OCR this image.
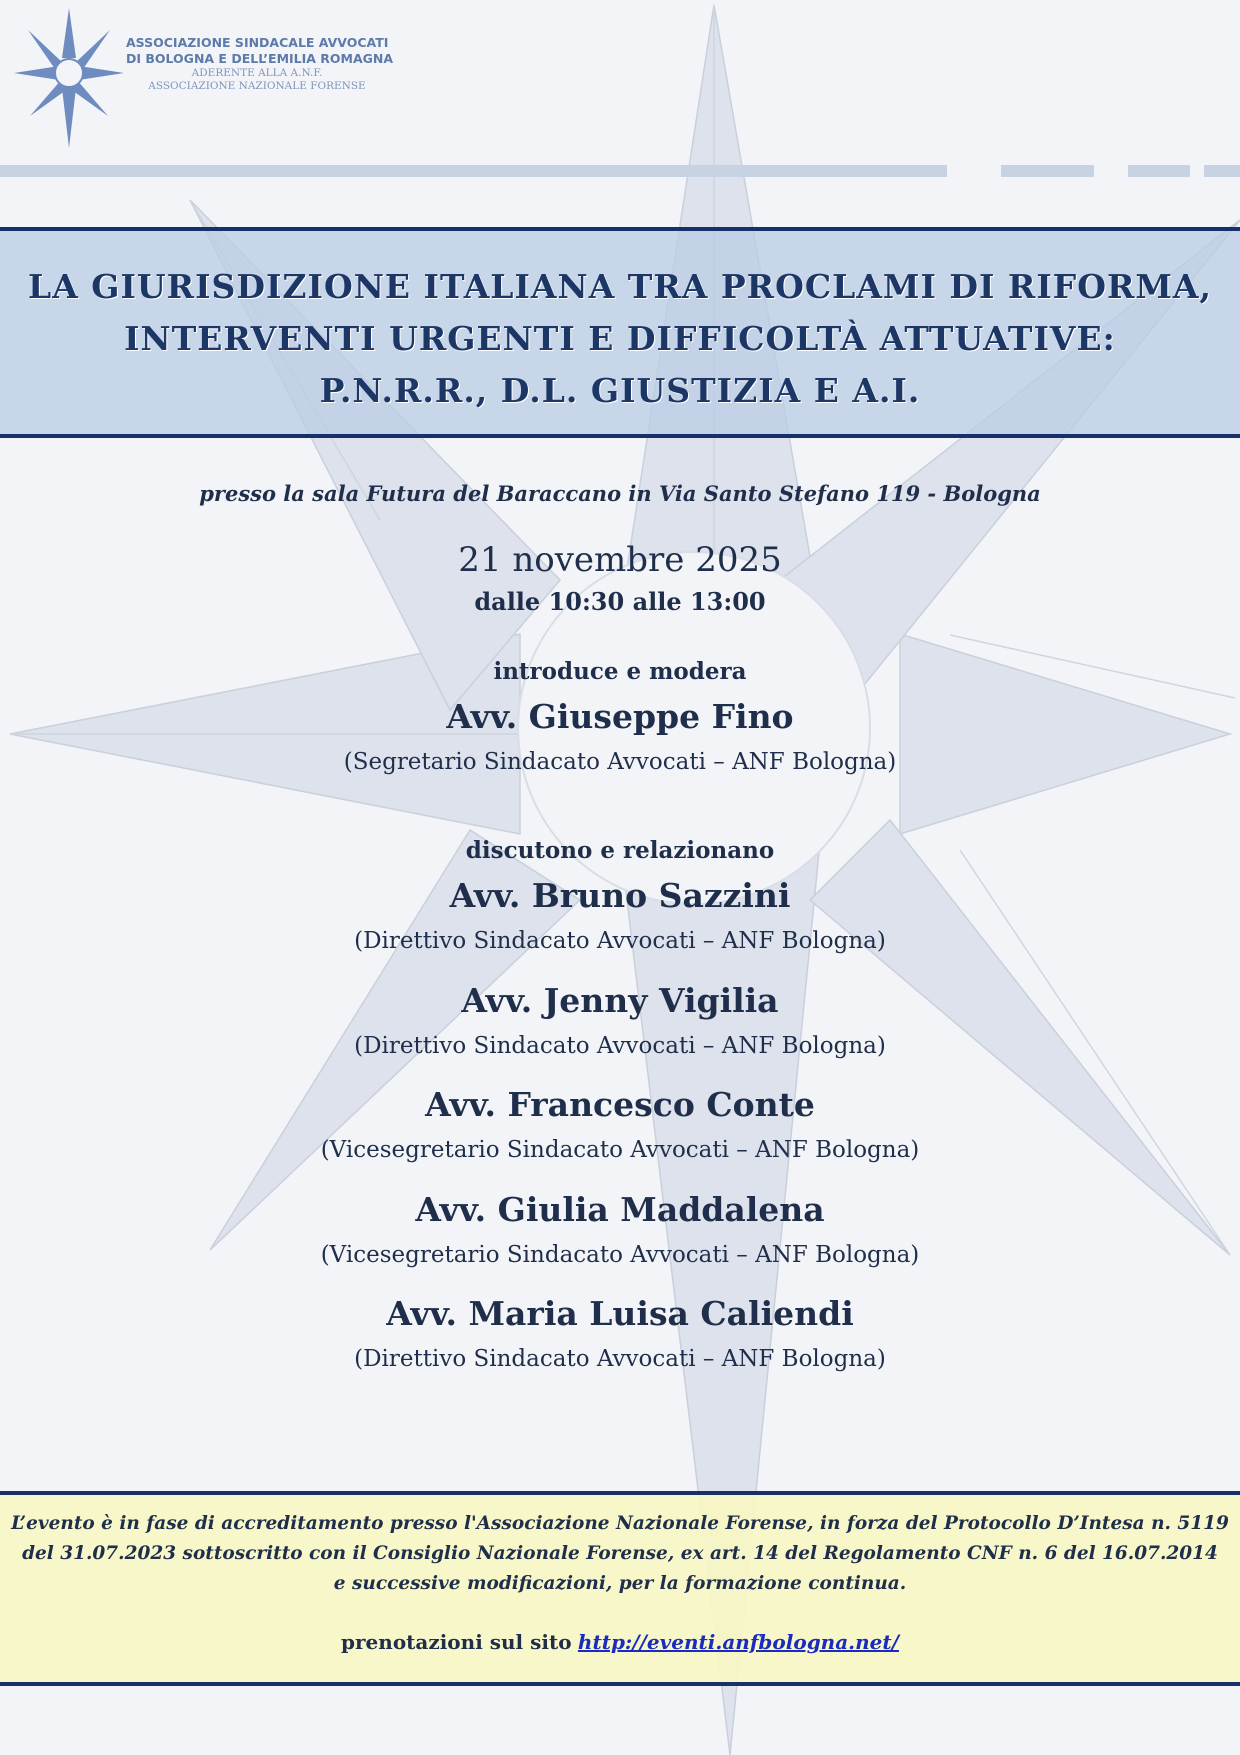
ASSOCIAZIONE SINDACALE AVVOCATI
DI BOLOGNA E DELL’EMILIA ROMAGNA
ADERENTE ALLA A.N.F.
ASSOCIAZIONE NAZIONALE FORENSE
LA GIURISDIZIONE ITALIANA TRA PROCLAMI DI RIFORMA,
INTERVENTI URGENTI E DIFFICOLTÀ ATTUATIVE:
P.N.R.R., D.L. GIUSTIZIA E A.I.
presso la sala Futura del Baraccano in Via Santo Stefano 119 - Bologna
21 novembre 2025
dalle 10:30 alle 13:00
introduce e modera
Avv. Giuseppe Fino
(Segretario Sindacato Avvocati – ANF Bologna)
discutono e relazionano
Avv. Bruno Sazzini
(Direttivo Sindacato Avvocati – ANF Bologna)
Avv. Jenny Vigilia
(Direttivo Sindacato Avvocati – ANF Bologna)
Avv. Francesco Conte
(Vicesegretario Sindacato Avvocati – ANF Bologna)
Avv. Giulia Maddalena
(Vicesegretario Sindacato Avvocati – ANF Bologna)
Avv. Maria Luisa Caliendi
(Direttivo Sindacato Avvocati – ANF Bologna)
L’evento è in fase di accreditamento presso l'Associazione Nazionale Forense, in forza del Protocollo D’Intesa n. 5119
del 31.07.2023 sottoscritto con il Consiglio Nazionale Forense, ex art. 14 del Regolamento CNF n. 6 del 16.07.2014
e successive modificazioni, per la formazione continua.
prenotazioni sul sito http://eventi.anfbologna.net/
